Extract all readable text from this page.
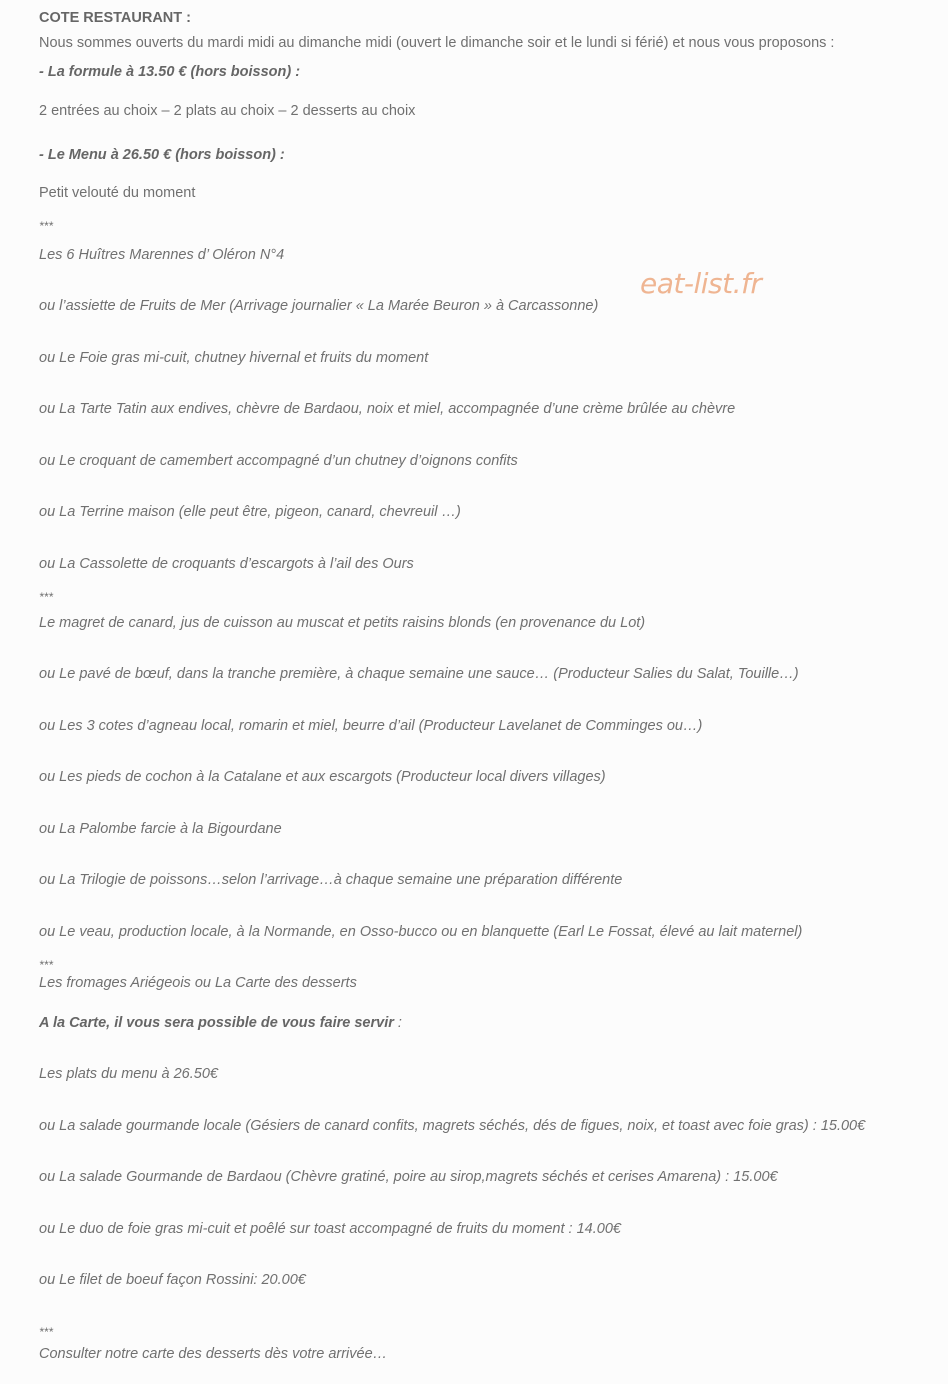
eat-list.fr
COTE RESTAURANT :
Nous sommes ouverts du mardi midi au dimanche midi (ouvert le dimanche soir et le lundi si férié) et nous vous proposons :
- La formule à 13.50 € (hors boisson) :
2 entrées au choix – 2 plats au choix – 2 desserts au choix
- Le Menu à 26.50 € (hors boisson) :
Petit velouté du moment
***
Les 6 Huîtres Marennes d’ Oléron N°4
ou l’assiette de Fruits de Mer (Arrivage journalier « La Marée Beuron » à Carcassonne)
ou Le Foie gras mi-cuit, chutney hivernal et fruits du moment
ou La Tarte Tatin aux endives, chèvre de Bardaou, noix et miel, accompagnée d’une crème brûlée au chèvre
ou Le croquant de camembert accompagné d’un chutney d’oignons confits
ou La Terrine maison (elle peut être, pigeon, canard, chevreuil …)
ou La Cassolette de croquants d’escargots à l’ail des Ours
***
Le magret de canard, jus de cuisson au muscat et petits raisins blonds (en provenance du Lot)
ou Le pavé de bœuf, dans la tranche première, à chaque semaine une sauce… (Producteur Salies du Salat, Touille…)
ou Les 3 cotes d’agneau local, romarin et miel, beurre d’ail (Producteur Lavelanet de Comminges ou…)
ou Les pieds de cochon à la Catalane et aux escargots (Producteur local divers villages)
ou La Palombe farcie à la Bigourdane
ou La Trilogie de poissons…selon l’arrivage…à chaque semaine une préparation différente
ou Le veau, production locale, à la Normande, en Osso-bucco ou en blanquette (Earl Le Fossat, élevé au lait maternel)
***
Les fromages Ariégeois ou La Carte des desserts
A la Carte, il vous sera possible de vous faire servir :
Les plats du menu à 26.50€
ou La salade gourmande locale (Gésiers de canard confits, magrets séchés, dés de figues, noix, et toast avec foie gras) : 15.00€
ou La salade Gourmande de Bardaou (Chèvre gratiné, poire au sirop,magrets séchés et cerises Amarena) : 15.00€
ou Le duo de foie gras mi-cuit et poêlé sur toast accompagné de fruits du moment : 14.00€
ou Le filet de boeuf façon Rossini: 20.00€
***
Consulter notre carte des desserts dès votre arrivée…
